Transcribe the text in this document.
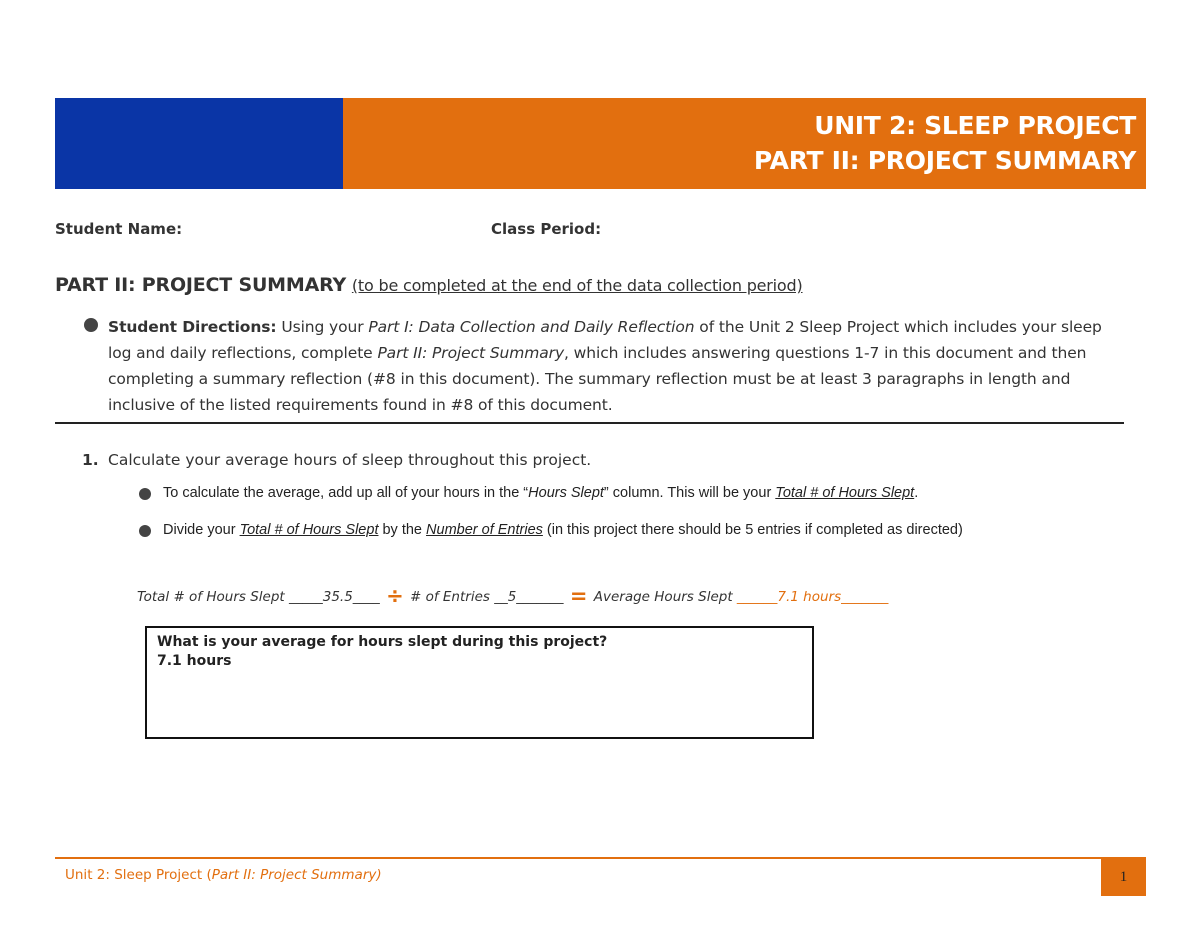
UNIT 2: SLEEP PROJECT
PART II: PROJECT SUMMARY
Student Name:	Class Period:
PART II: PROJECT SUMMARY (to be completed at the end of the data collection period)
Student Directions: Using your Part I: Data Collection and Daily Reflection of the Unit 2 Sleep Project which includes your sleep log and daily reflections, complete Part II: Project Summary, which includes answering questions 1-7 in this document and then completing a summary reflection (#8 in this document). The summary reflection must be at least 3 paragraphs in length and inclusive of the listed requirements found in #8 of this document.
1. Calculate your average hours of sleep throughout this project.
To calculate the average, add up all of your hours in the “Hours Slept” column. This will be your Total # of Hours Slept.
Divide your Total # of Hours Slept by the Number of Entries (in this project there should be 5 entries if completed as directed)
Total # of Hours Slept _____35.5____ ÷ # of Entries __5_______ = Average Hours Slept ______7.1 hours_______
What is your average for hours slept during this project?
7.1 hours
Unit 2: Sleep Project (Part II: Project Summary)	1
